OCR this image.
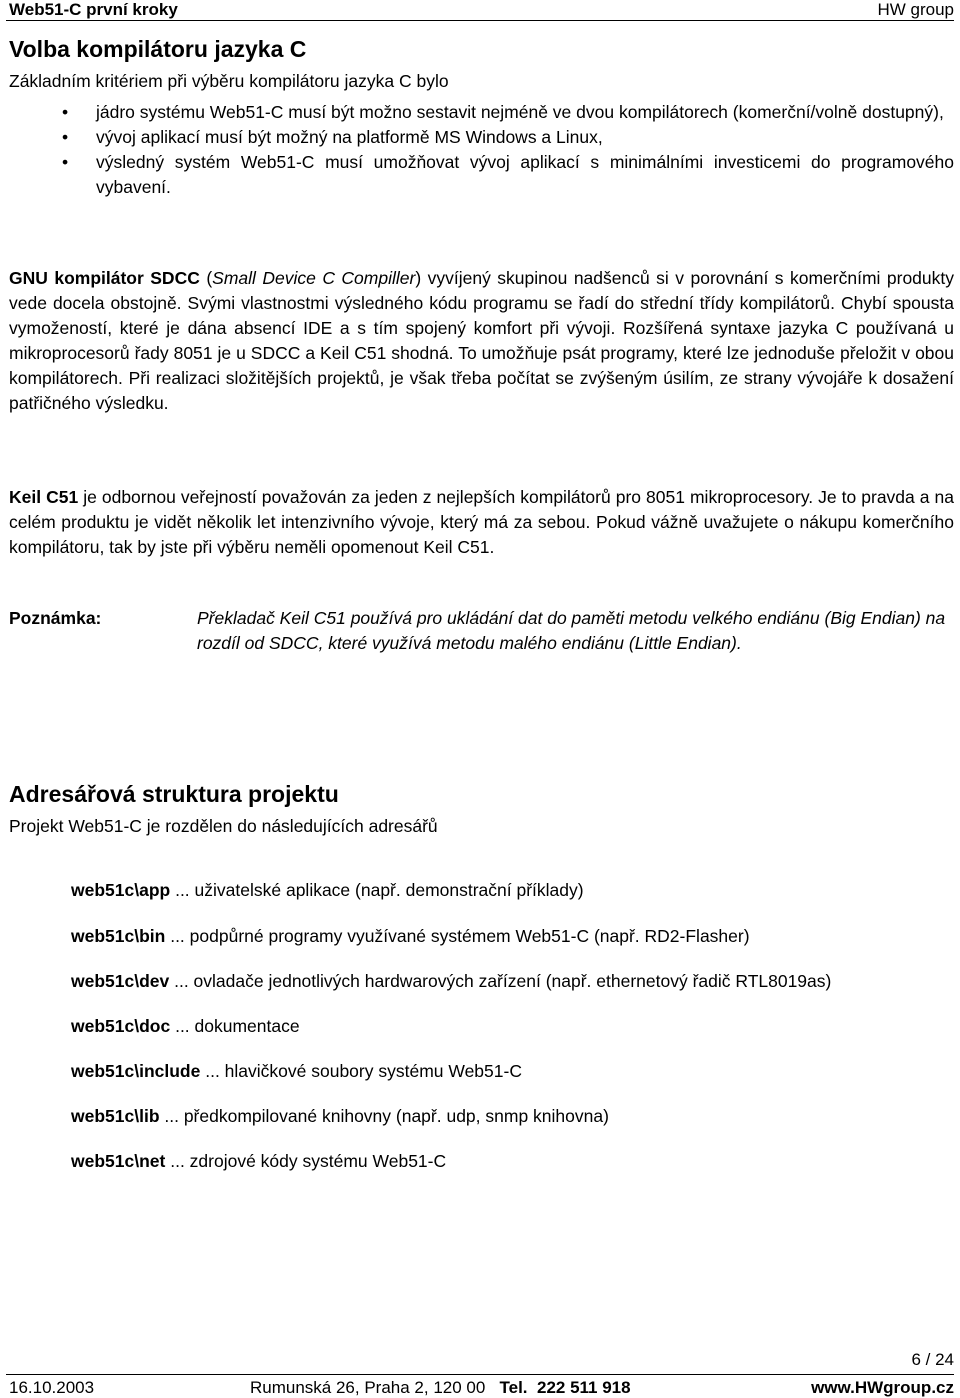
Web51-C první kroky	HW group
Volba kompilátoru jazyka C

Základním kritériem při výběru kompilátoru jazyka C bylo

• jádro systému Web51-C musí být možno sestavit nejméně ve dvou kompilátorech (komerční/volně dostupný),
• vývoj aplikací musí být možný na platformě MS Windows a Linux,
• výsledný systém Web51-C musí umožňovat vývoj aplikací s minimálními investicemi do programového vybavení.

GNU kompilátor SDCC (Small Device C Compiller) vyvíjený skupinou nadšenců si v porovnání s komerčními produkty vede docela obstojně. Svými vlastnostmi výsledného kódu programu se řadí do střední třídy kompilátorů. Chybí spousta vymožeností, které je dána absencí IDE a s tím spojený komfort při vývoji. Rozšířená syntaxe jazyka C používaná u mikroprocesorů řady 8051 je u SDCC a Keil C51 shodná. To umožňuje psát programy, které lze jednoduše přeložit v obou kompilátorech. Při realizaci složitějších projektů, je však třeba počítat se zvýšeným úsilím, ze strany vývojáře k dosažení patřičného výsledku.

Keil C51 je odbornou veřejností považován za jeden z nejlepších kompilátorů pro 8051 mikroprocesory. Je to pravda a na celém produktu je vidět několik let intenzivního vývoje, který má za sebou. Pokud vážně uvažujete o nákupu komerčního kompilátoru, tak by jste při výběru neměli opomenout Keil C51.

Poznámka:	Překladač Keil C51 používá pro ukládání dat do paměti metodu velkého endiánu (Big Endian) na rozdíl od SDCC, které využívá metodu malého endiánu (Little Endian).

Adresářová struktura projektu

Projekt Web51-C je rozdělen do následujících adresářů

web51c\app ... uživatelské aplikace (např. demonstrační příklady)
web51c\bin ... podpůrné programy využívané systémem Web51-C (např. RD2-Flasher)
web51c\dev ... ovladače jednotlivých hardwarových zařízení (např. ethernetový řadič RTL8019as)
web51c\doc ... dokumentace
web51c\include ... hlavičkové soubory systému Web51-C
web51c\lib ... předkompilované knihovny (např. udp, snmp knihovna)
web51c\net ... zdrojové kódy systému Web51-C
6 / 24
16.10.2003	Rumunská 26, Praha 2, 120 00 Tel. 222 511 918	www.HWgroup.cz
